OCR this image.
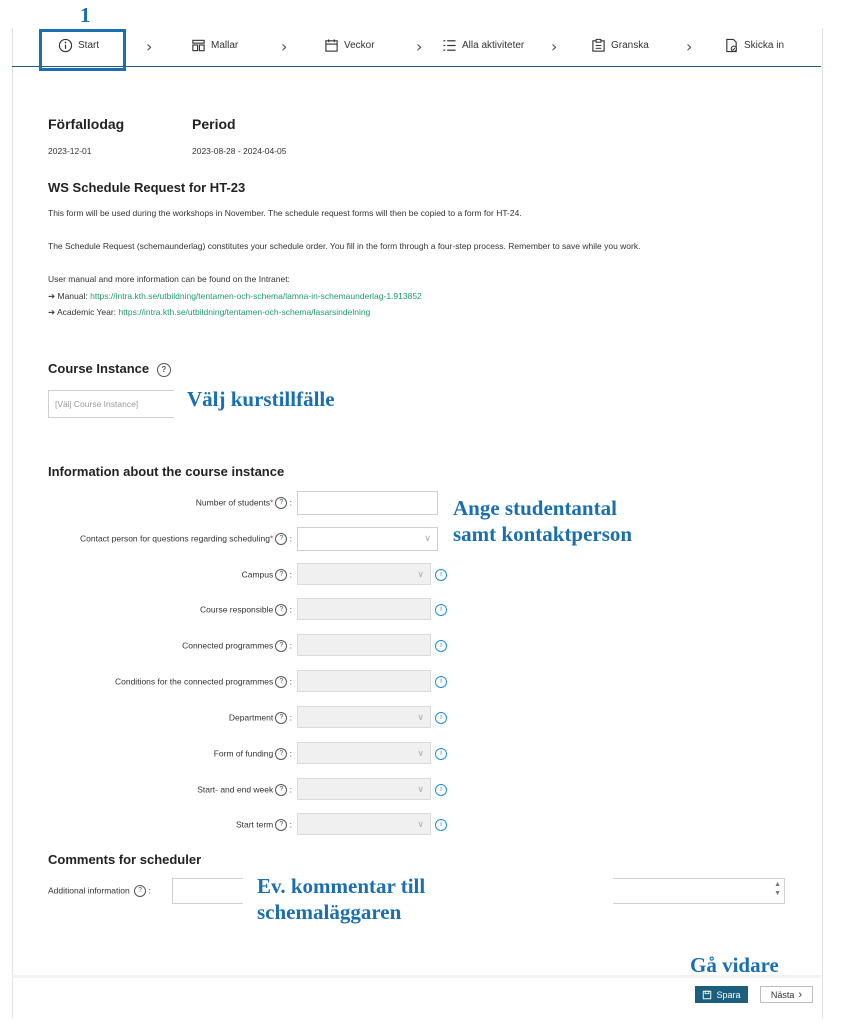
1
Start	›	Mallar	›	Veckor	›	Alla aktiviteter ›	Granska ›	Skicka in
Förfallodag
2023-12-01
Period
2023-08-28 - 2024-04-05
WS Schedule Request for HT-23
This form will be used during the workshops in November. The schedule request forms will then be copied to a form for HT-24.
The Schedule Request (schemaunderlag) constitutes your schedule order. You fill in the form through a four-step process. Remember to save while you work.
User manual and more information can be found on the Intranet:
➔ Manual: https://intra.kth.se/utbildning/tentamen-och-schema/lamna-in-schemaunderlag-1.913852
➔ Academic Year: https://intra.kth.se/utbildning/tentamen-och-schema/lasarsindelning
Course Instance ?
[Välj Course Instance] Välj kurstillfälle
Information about the course instance
Number of students* ? :
Contact person for questions regarding scheduling* ? :	∨
Ange studentantal
samt kontaktperson
Campus ? :	∨	i
Course responsible ? :	i
Connected programmes ? :	i
Conditions for the connected programmes ? :	i
Department ? :	∨	i
Form of funding ? :	∨	i
Start- and end week ? :	∨	i
Start term ? :	∨	i
Comments for scheduler
Additional information ? :
▲
▼
Ev. kommentar till
schemaläggaren
Gå vidare
Spara	Nästa ›
